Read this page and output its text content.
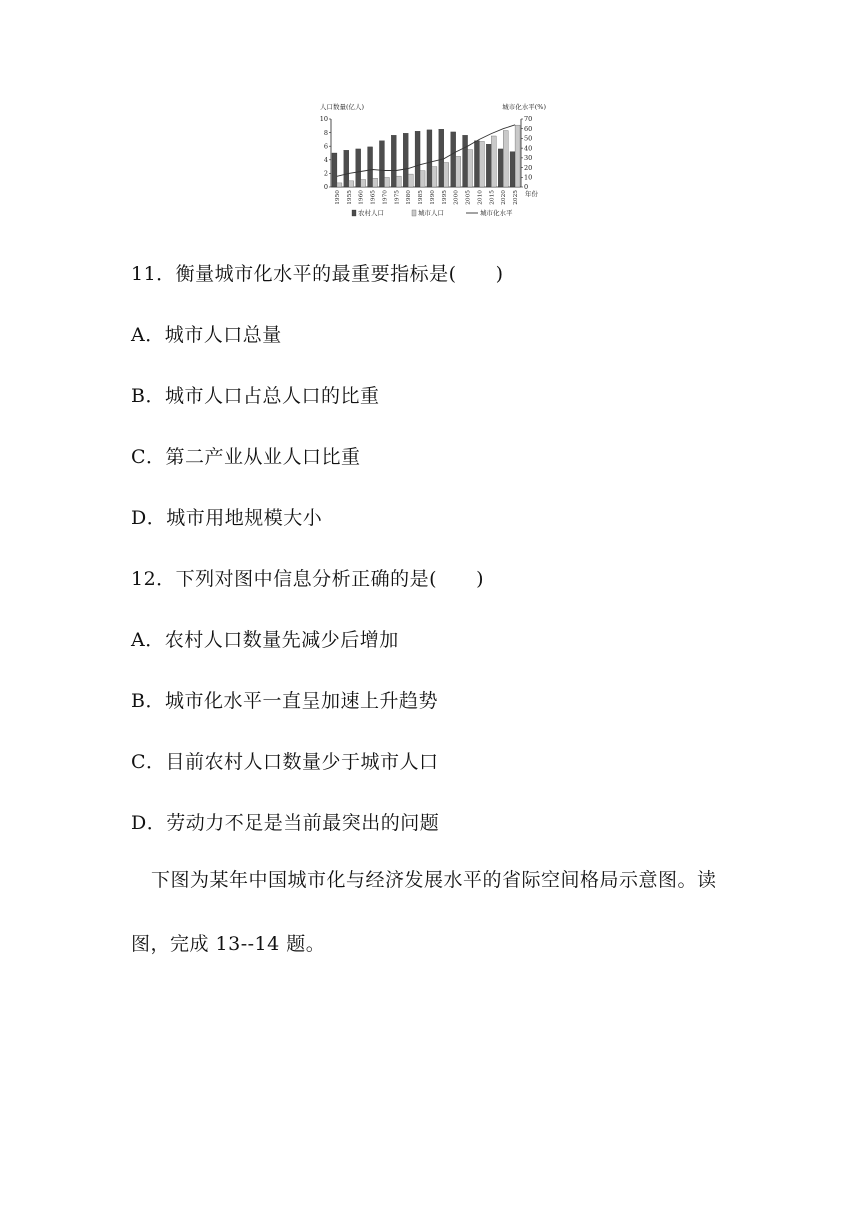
人口数量(亿人)	城市化水平(%)
0
2
4
6
8
10
0
10
20
30
40
50
60
70
1950 1955 1960 1965 1970 1975 1980 1985 1990 1995 2000 2005 2010 2015 2020 2025 年份
农村人口	城市人口	城市化水平
11．衡量城市化水平的最重要指标是(　　)
A．城市人口总量
B．城市人口占总人口的比重
C．第二产业从业人口比重
D．城市用地规模大小
12．下列对图中信息分析正确的是(　　)
A．农村人口数量先减少后增加
B．城市化水平一直呈加速上升趋势
C．目前农村人口数量少于城市人口
D．劳动力不足是当前最突出的问题
下图为某年中国城市化与经济发展水平的省际空间格局示意图。读
图，完成 13--14 题。
